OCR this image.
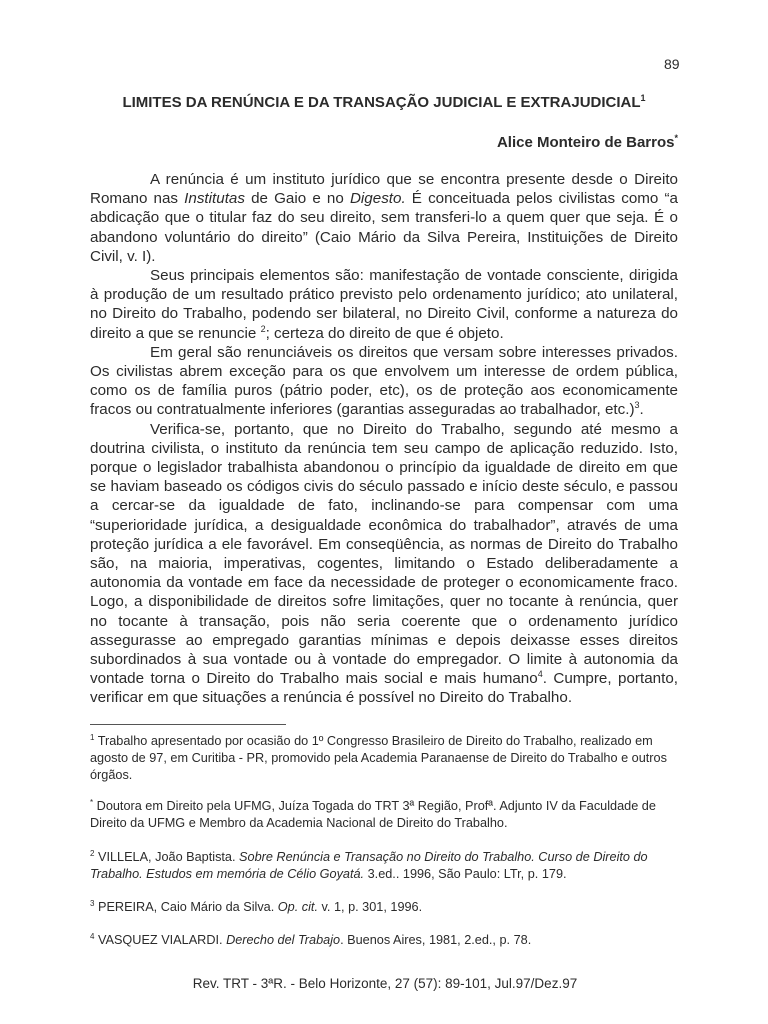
89
LIMITES DA RENÚNCIA E DA TRANSAÇÃO JUDICIAL E EXTRAJUDICIAL$^1$
Alice Monteiro de Barros*

A renúncia é um instituto jurídico que se encontra presente desde o Direito Romano nas Institutas de Gaio e no Digesto. É conceituada pelos civilistas como “a abdicação que o titular faz do seu direito, sem transferi-lo a quem quer que seja. É o abandono voluntário do direito” (Caio Mário da Silva Pereira, Instituições de Direito Civil, v. I).

Seus principais elementos são: manifestação de vontade consciente, dirigida à produção de um resultado prático previsto pelo ordenamento jurídico; ato unilateral, no Direito do Trabalho, podendo ser bilateral, no Direito Civil, conforme a natureza do direito a que se renuncie $^2$; certeza do direito de que é objeto.

Em geral são renunciáveis os direitos que versam sobre interesses privados. Os civilistas abrem exceção para os que envolvem um interesse de ordem pública, como os de família puros (pátrio poder, etc), os de proteção aos economicamente fracos ou contratualmente inferiores (garantias asseguradas ao trabalhador, etc.)$^3$.

Verifica-se, portanto, que no Direito do Trabalho, segundo até mesmo a doutrina civilista, o instituto da renúncia tem seu campo de aplicação reduzido. Isto, porque o legislador trabalhista abandonou o princípio da igualdade de direito em que se haviam baseado os códigos civis do século passado e início deste século, e passou a cercar-se da igualdade de fato, inclinando-se para compensar com uma “superioridade jurídica, a desigualdade econômica do trabalhador”, através de uma proteção jurídica a ele favorável. Em conseqüência, as normas de Direito do Trabalho são, na maioria, imperativas, cogentes, limitando o Estado deliberadamente a autonomia da vontade em face da necessidade de proteger o economicamente fraco. Logo, a disponibilidade de direitos sofre limitações, quer no tocante à renúncia, quer no tocante à transação, pois não seria coerente que o ordenamento jurídico assegurasse ao empregado garantias mínimas e depois deixasse esses direitos subordinados à sua vontade ou à vontade do empregador. O limite à autonomia da vontade torna o Direito do Trabalho mais social e mais humano$^4$. Cumpre, portanto, verificar em que situações a renúncia é possível no Direito do Trabalho.

$^1$ Trabalho apresentado por ocasião do 1º Congresso Brasileiro de Direito do Trabalho, realizado em agosto de 97, em Curitiba - PR, promovido pela Academia Paranaense de Direito do Trabalho e outros órgãos.
* Doutora em Direito pela UFMG, Juíza Togada do TRT 3ª Região, Profª. Adjunto IV da Faculdade de Direito da UFMG e Membro da Academia Nacional de Direito do Trabalho.
$^2$ VILLELA, João Baptista. Sobre Renúncia e Transação no Direito do Trabalho. Curso de Direito do Trabalho. Estudos em memória de Célio Goyatá. 3.ed.. 1996, São Paulo: LTr, p. 179.
$^3$ PEREIRA, Caio Mário da Silva. Op. cit. v. 1, p. 301, 1996.
$^4$ VASQUEZ VIALARDI. Derecho del Trabajo. Buenos Aires, 1981, 2.ed., p. 78.
Rev. TRT - 3ªR. - Belo Horizonte, 27 (57): 89-101, Jul.97/Dez.97
